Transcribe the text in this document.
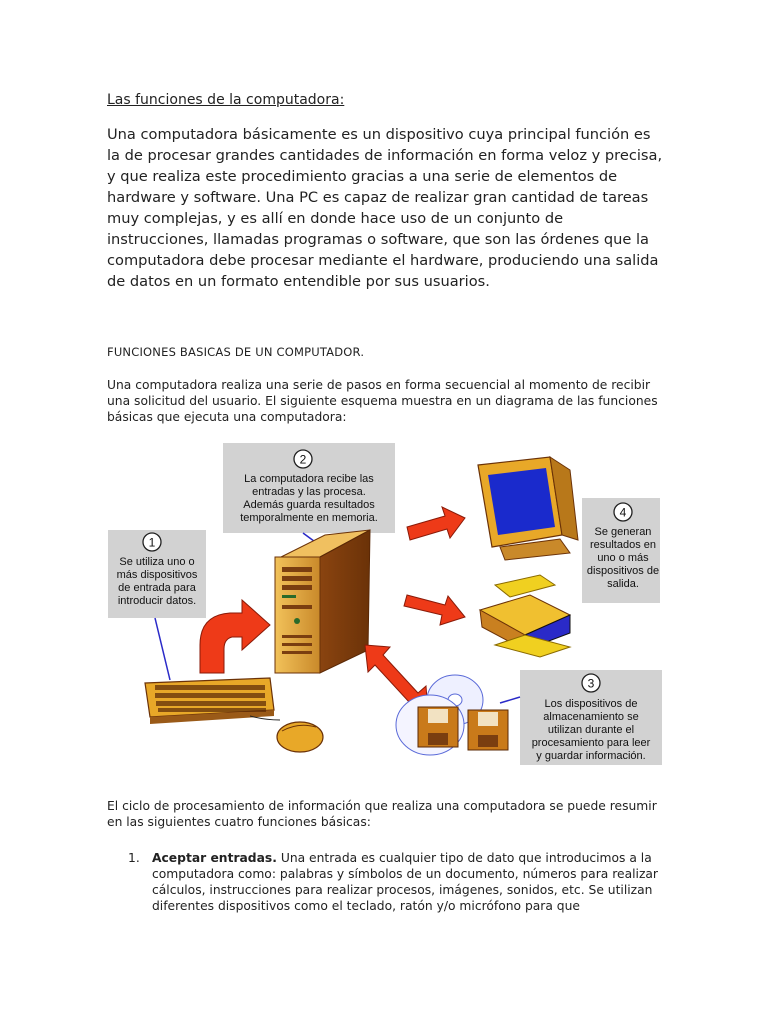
Las funciones de la computadora:

Una computadora básicamente es un dispositivo cuya principal función es la de procesar grandes cantidades de información en forma veloz y precisa, y que realiza este procedimiento gracias a una serie de elementos de hardware y software. Una PC es capaz de realizar gran cantidad de tareas muy complejas, y es allí en donde hace uso de un conjunto de instrucciones, llamadas programas o software, que son las órdenes que la computadora debe procesar mediante el hardware, produciendo una salida de datos en un formato entendible por sus usuarios.

FUNCIONES BASICAS DE UN COMPUTADOR.

Una computadora realiza una serie de pasos en forma secuencial al momento de recibir una solicitud del usuario. El siguiente esquema muestra en un diagrama de las funciones básicas que ejecuta una computadora:

2
La computadora recibe las
entradas y las procesa.
Además guarda resultados
temporalmente en memoria.
1
Se utiliza uno o
más dispositivos
de entrada para
introducir datos.
4
Se generan
resultados en
uno o más
dispositivos de
salida.
3
Los dispositivos de
almacenamiento se
utilizan durante el
procesamiento para leer
y guardar información.

El ciclo de procesamiento de información que realiza una computadora se puede resumir en las siguientes cuatro funciones básicas:

1. Aceptar entradas. Una entrada es cualquier tipo de dato que introducimos a la computadora como: palabras y símbolos de un documento, números para realizar cálculos, instrucciones para realizar procesos, imágenes, sonidos, etc. Se utilizan diferentes dispositivos como el teclado, ratón y/o micrófono para que
